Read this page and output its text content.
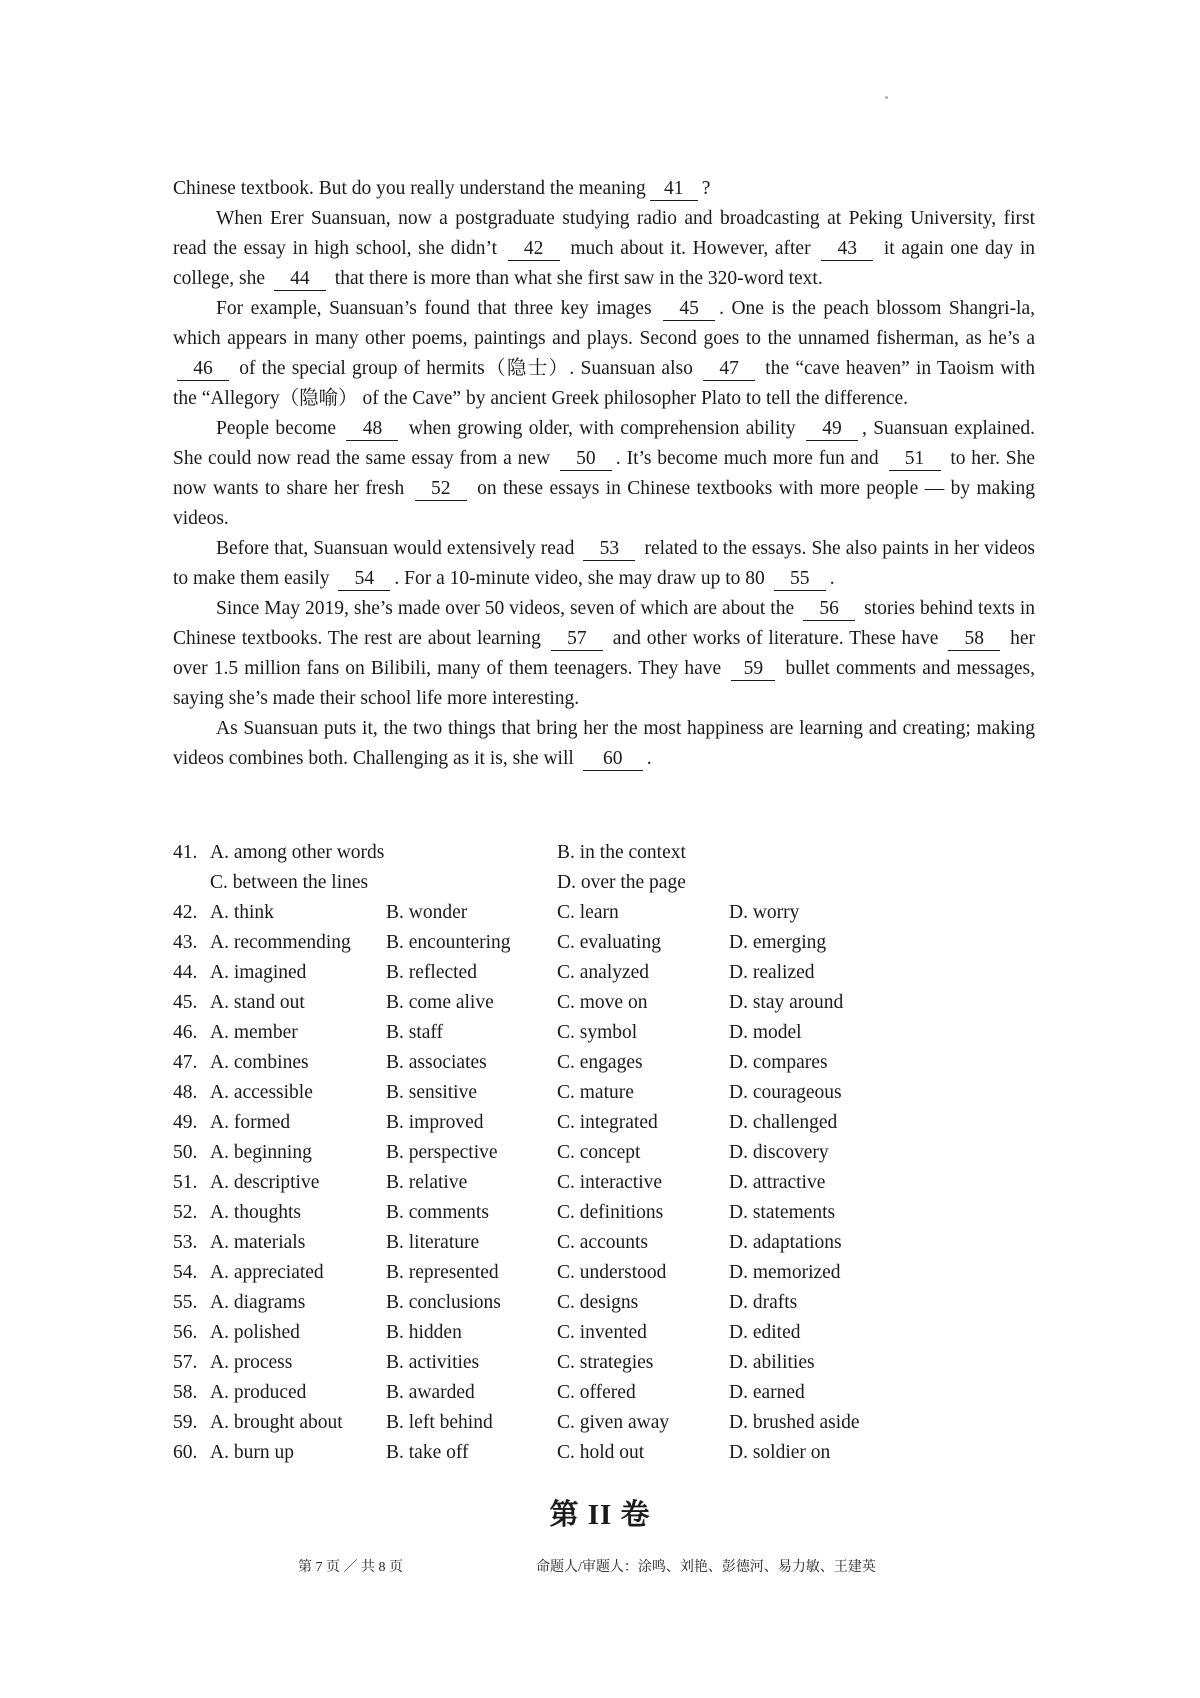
Chinese textbook. But do you really understand the meaning 41 ?

When Erer Suansuan, now a postgraduate studying radio and broadcasting at Peking University, first read the essay in high school, she didn’t 42 much about it. However, after 43 it again one day in college, she 44 that there is more than what she first saw in the 320-word text.

For example, Suansuan’s found that three key images 45 . One is the peach blossom Shangri-la, which appears in many other poems, paintings and plays. Second goes to the unnamed fisherman, as he’s a 46 of the special group of hermits（隐士）. Suansuan also 47 the “cave heaven” in Taoism with the “Allegory（隐喻） of the Cave” by ancient Greek philosopher Plato to tell the difference.

People become 48 when growing older, with comprehension ability 49 , Suansuan explained. She could now read the same essay from a new 50 . It’s become much more fun and 51 to her. She now wants to share her fresh 52 on these essays in Chinese textbooks with more people — by making videos.

Before that, Suansuan would extensively read 53 related to the essays. She also paints in her videos to make them easily 54 . For a 10-minute video, she may draw up to 80 55 .

Since May 2019, she’s made over 50 videos, seven of which are about the 56 stories behind texts in Chinese textbooks. The rest are about learning 57 and other works of literature. These have 58 her over 1.5 million fans on Bilibili, many of them teenagers. They have 59 bullet comments and messages, saying she’s made their school life more interesting.

As Suansuan puts it, the two things that bring her the most happiness are learning and creating; making videos combines both. Challenging as it is, she will 60 .

41. A. among other words	B. in the context
C. between the lines	D. over the page
42. A. think	B. wonder	C. learn	D. worry
43. A. recommending B. encountering C. evaluating	D. emerging
44. A. imagined	B. reflected	C. analyzed	D. realized
45. A. stand out	B. come alive	C. move on	D. stay around
46. A. member	B. staff	C. symbol	D. model
47. A. combines	B. associates	C. engages	D. compares
48. A. accessible	B. sensitive	C. mature	D. courageous
49. A. formed	B. improved	C. integrated	D. challenged
50. A. beginning	B. perspective	C. concept	D. discovery
51. A. descriptive	B. relative	C. interactive	D. attractive
52. A. thoughts	B. comments	C. definitions	D. statements
53. A. materials	B. literature	C. accounts	D. adaptations
54. A. appreciated	B. represented	C. understood	D. memorized
55. A. diagrams	B. conclusions	C. designs	D. drafts
56. A. polished	B. hidden	C. invented	D. edited
57. A. process	B. activities	C. strategies	D. abilities
58. A. produced	B. awarded	C. offered	D. earned
59. A. brought about B. left behind	C. given away	D. brushed aside
60. A. burn up	B. take off	C. hold out	D. soldier on
第 II 卷
第 7 页 ／ 共 8 页	命题人/审题人：涂鸣、刘艳、彭德河、易力敏、王建英
